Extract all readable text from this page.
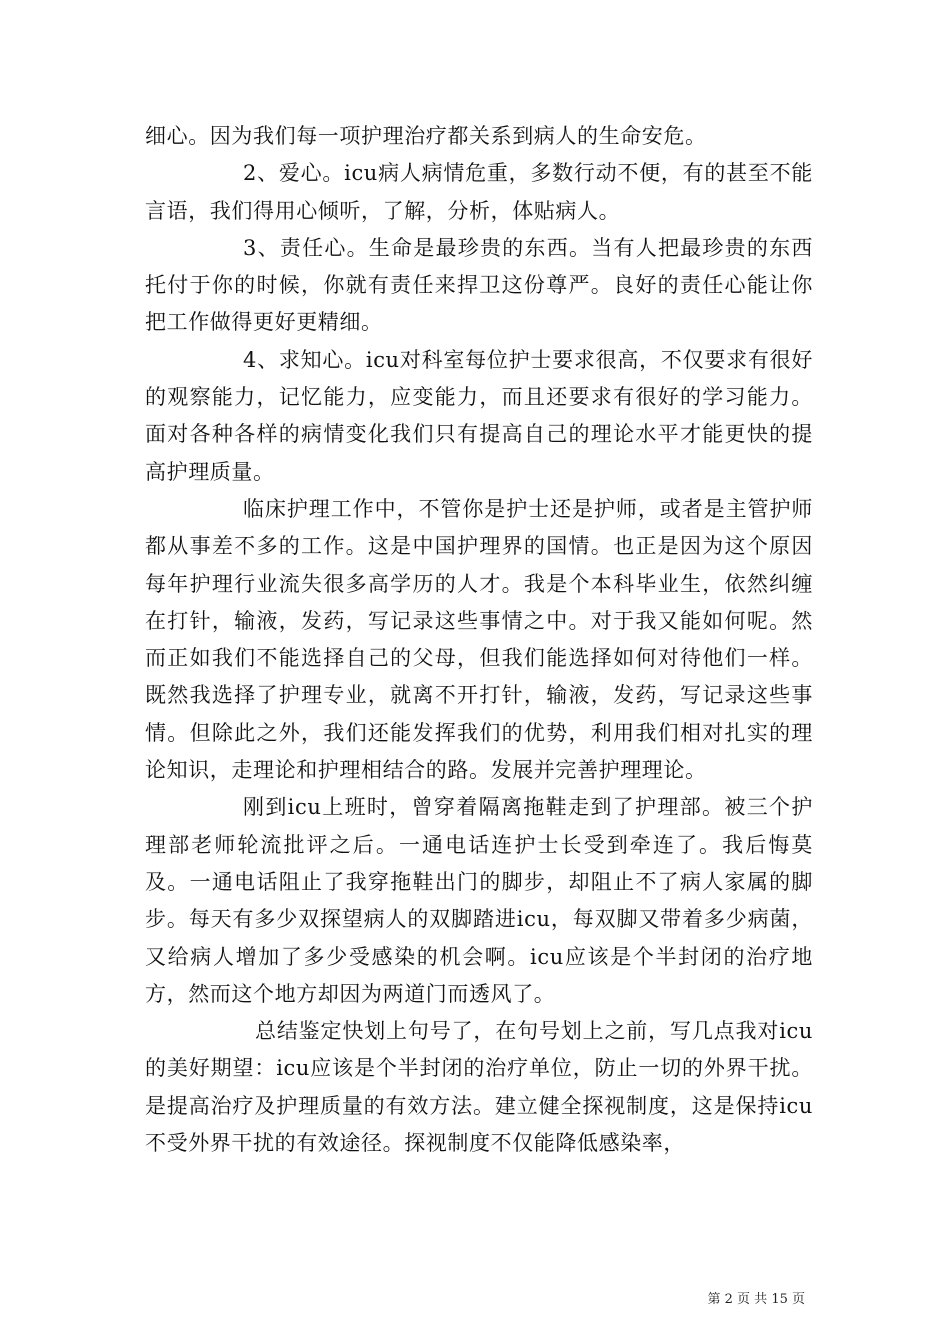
细心。因为我们每一项护理治疗都关系到病人的生命安危。

2、爱心。icu病人病情危重，多数行动不便，有的甚至不能言语，我们得用心倾听，了解，分析，体贴病人。

3、责任心。生命是最珍贵的东西。当有人把最珍贵的东西托付于你的时候，你就有责任来捍卫这份尊严。良好的责任心能让你把工作做得更好更精细。

4、求知心。icu对科室每位护士要求很高，不仅要求有很好的观察能力，记忆能力，应变能力，而且还要求有很好的学习能力。面对各种各样的病情变化我们只有提高自己的理论水平才能更快的提高护理质量。

临床护理工作中，不管你是护士还是护师，或者是主管护师都从事差不多的工作。这是中国护理界的国情。也正是因为这个原因每年护理行业流失很多高学历的人才。我是个本科毕业生，依然纠缠在打针，输液，发药，写记录这些事情之中。对于我又能如何呢。然而正如我们不能选择自己的父母，但我们能选择如何对待他们一样。既然我选择了护理专业，就离不开打针，输液，发药，写记录这些事情。但除此之外，我们还能发挥我们的优势，利用我们相对扎实的理论知识，走理论和护理相结合的路。发展并完善护理理论。

刚到icu上班时，曾穿着隔离拖鞋走到了护理部。被三个护理部老师轮流批评之后。一通电话连护士长受到牵连了。我后悔莫及。一通电话阻止了我穿拖鞋出门的脚步，却阻止不了病人家属的脚步。每天有多少双探望病人的双脚踏进icu，每双脚又带着多少病菌，又给病人增加了多少受感染的机会啊。icu应该是个半封闭的治疗地方，然而这个地方却因为两道门而透风了。

总结鉴定快划上句号了，在句号划上之前，写几点我对icu的美好期望：icu应该是个半封闭的治疗单位，防止一切的外界干扰。是提高治疗及护理质量的有效方法。建立健全探视制度，这是保持icu不受外界干扰的有效途径。探视制度不仅能降低感染率，

第 2 页 共 15 页
